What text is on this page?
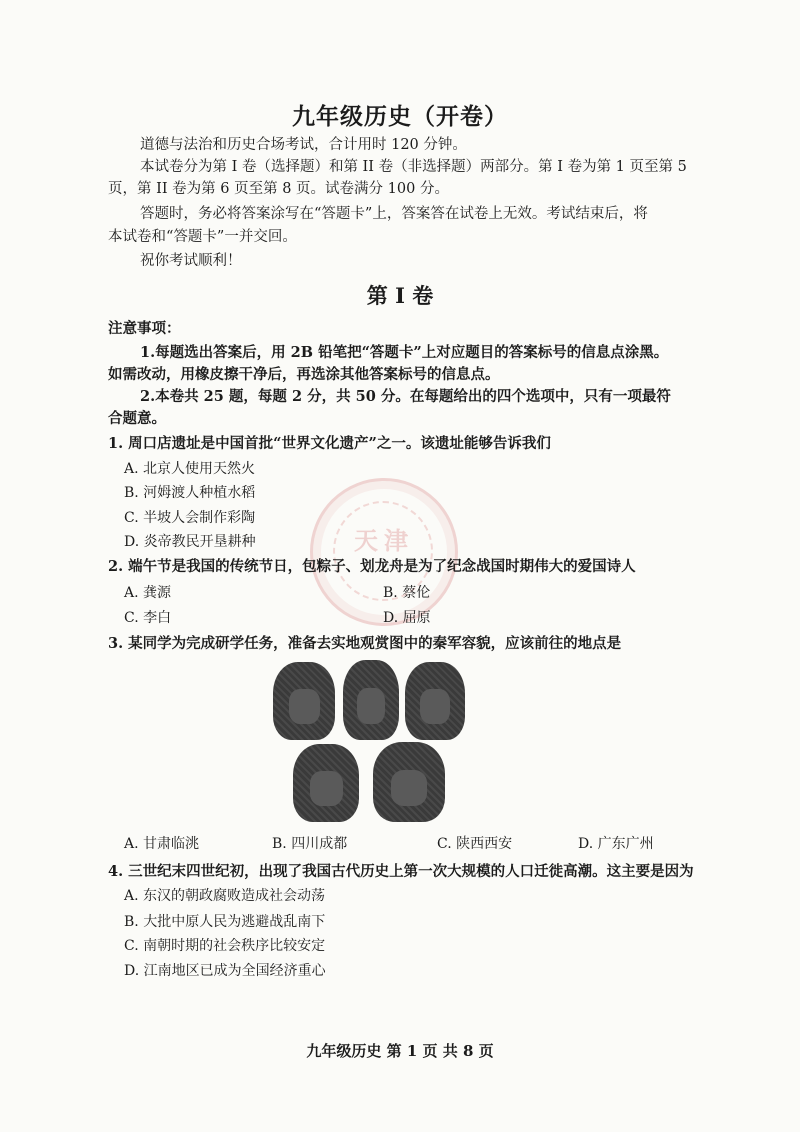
九年级历史（开卷）
道德与法治和历史合场考试，合计用时 120 分钟。
本试卷分为第 I 卷（选择题）和第 II 卷（非选择题）两部分。第 I 卷为第 1 页至第 5
页，第 II 卷为第 6 页至第 8 页。试卷满分 100 分。
答题时，务必将答案涂写在“答题卡”上，答案答在试卷上无效。考试结束后，将
本试卷和“答题卡”一并交回。
祝你考试顺利！
第 I 卷
注意事项：
1.每题选出答案后，用 2B 铅笔把“答题卡”上对应题目的答案标号的信息点涂黑。
如需改动，用橡皮擦干净后，再选涂其他答案标号的信息点。
2.本卷共 25 题，每题 2 分，共 50 分。在每题给出的四个选项中，只有一项最符
合题意。
天津
1. 周口店遗址是中国首批“世界文化遗产”之一。该遗址能够告诉我们
A. 北京人使用天然火
B. 河姆渡人种植水稻
C. 半坡人会制作彩陶
D. 炎帝教民开垦耕种
2. 端午节是我国的传统节日，包粽子、划龙舟是为了纪念战国时期伟大的爱国诗人
A. 龚源	B. 蔡伦
C. 李白	D. 屈原
3. 某同学为完成研学任务，准备去实地观赏图中的秦军容貌，应该前往的地点是
A. 甘肃临洮	B. 四川成都	C. 陕西西安	D. 广东广州
4. 三世纪末四世纪初，出现了我国古代历史上第一次大规模的人口迁徙高潮。这主要是因为
A. 东汉的朝政腐败造成社会动荡
B. 大批中原人民为逃避战乱南下
C. 南朝时期的社会秩序比较安定
D. 江南地区已成为全国经济重心
九年级历史 第 1 页 共 8 页
